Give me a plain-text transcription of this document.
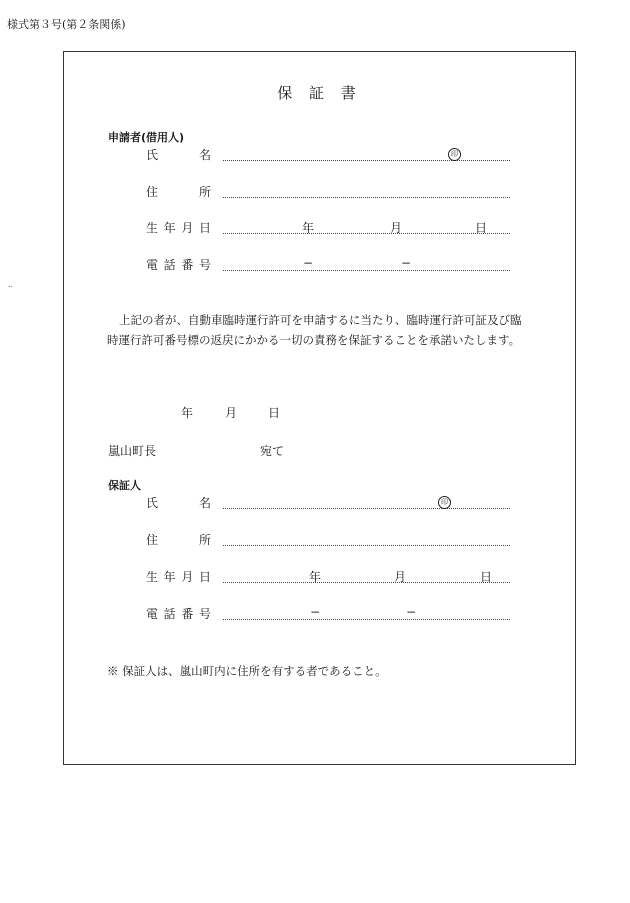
様式第３号(第２条関係)
..
保 証 書
申請者(借用人)
氏	名	印
住	所
生 年 月 日	年	月	日
電 話 番 号	−	−
上記の者が、自動車臨時運行許可を申請するに当たり、臨時運行許可証及び臨時運行許可番号標の返戻にかかる一切の責務を保証することを承諾いたします。
年	月	日
嵐山町長	宛て
保証人
氏	名	印
住	所
生 年 月 日	年	月	日
電 話 番 号	−	−
※ 保証人は、嵐山町内に住所を有する者であること。
